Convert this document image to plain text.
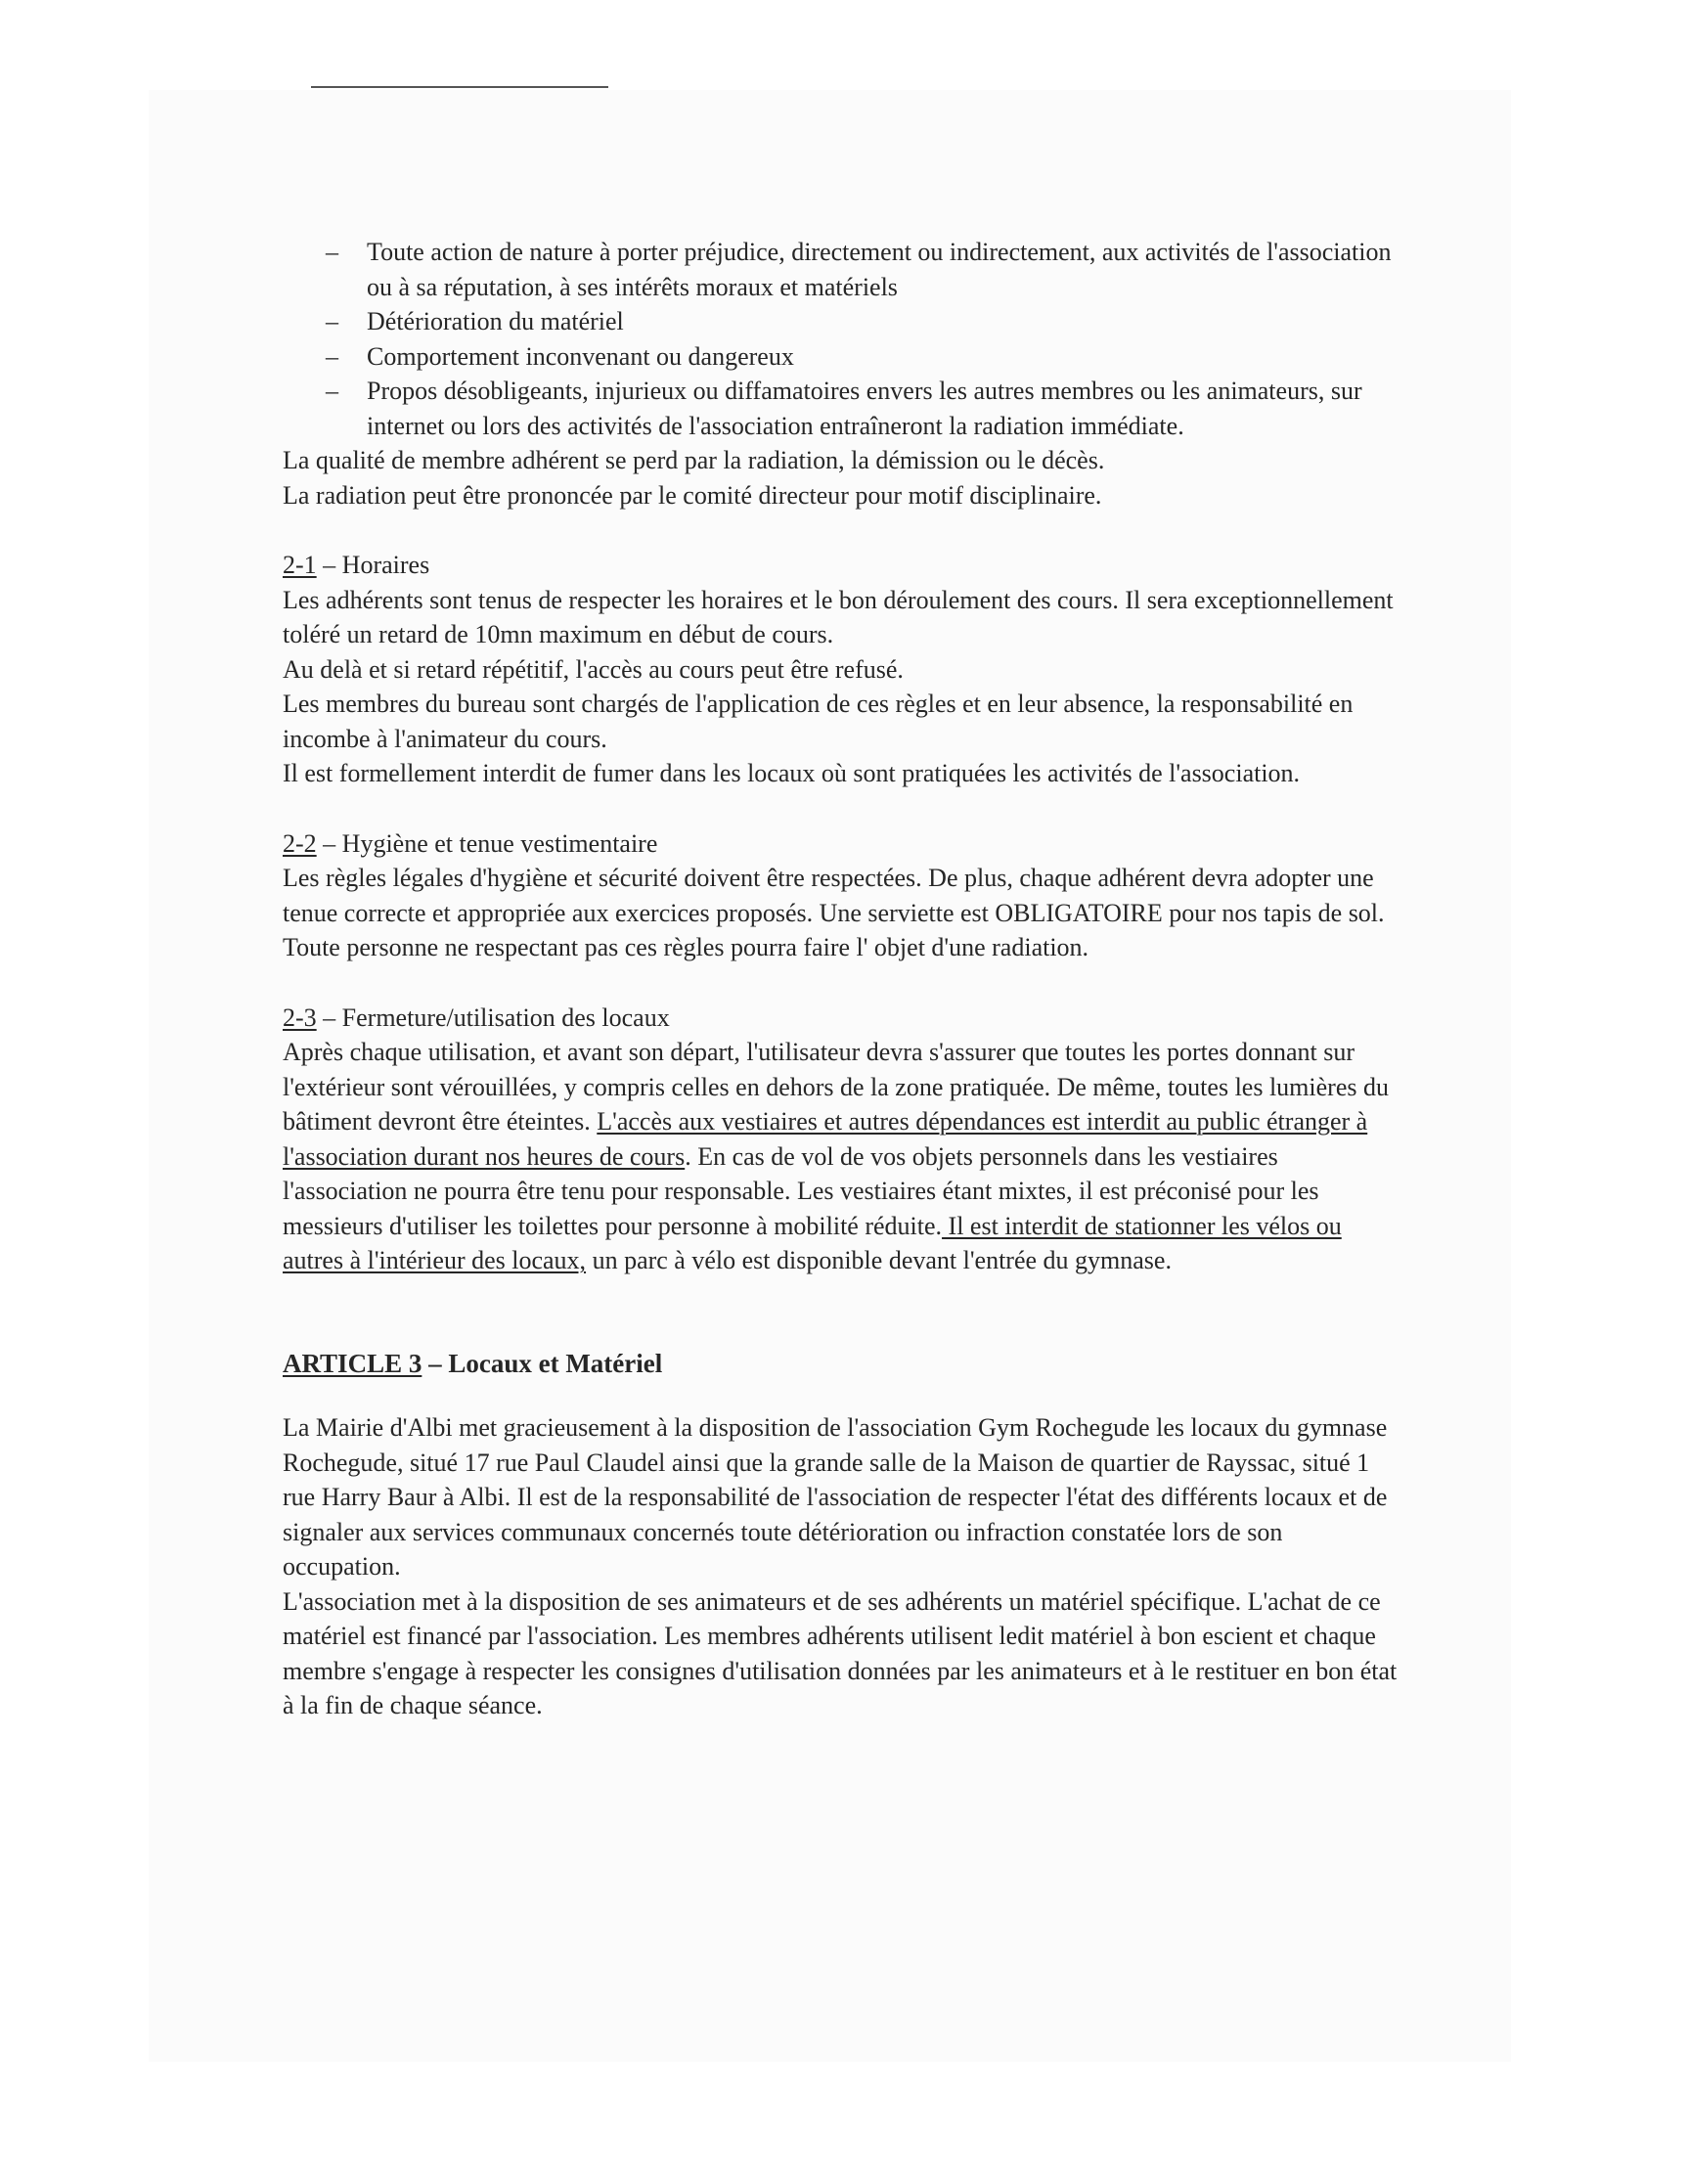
– Toute action de nature à porter préjudice, directement ou indirectement, aux activités de l'association ou à sa réputation, à ses intérêts moraux et matériels
– Détérioration du matériel
– Comportement inconvenant ou dangereux
– Propos désobligeants, injurieux ou diffamatoires envers les autres membres ou les animateurs, sur internet ou lors des activités de l'association entraîneront la radiation immédiate.
La qualité de membre adhérent se perd par la radiation, la démission ou le décès.
La radiation peut être prononcée par le comité directeur pour motif disciplinaire.
2-1 – Horaires

Les adhérents sont tenus de respecter les horaires et le bon déroulement des cours. Il sera exceptionnellement toléré un retard de 10mn maximum en début de cours.

Au delà et si retard répétitif, l'accès au cours peut être refusé.

Les membres du bureau sont chargés de l'application de ces règles et en leur absence, la responsabilité en incombe à l'animateur du cours.

Il est formellement interdit de fumer dans les locaux où sont pratiquées les activités de l'association.

2-2 – Hygiène et tenue vestimentaire

Les règles légales d'hygiène et sécurité doivent être respectées. De plus, chaque adhérent devra adopter une tenue correcte et appropriée aux exercices proposés. Une serviette est OBLIGATOIRE pour nos tapis de sol. Toute personne ne respectant pas ces règles pourra faire l' objet d'une radiation.

2-3 – Fermeture/utilisation des locaux

Après chaque utilisation, et avant son départ, l'utilisateur devra s'assurer que toutes les portes donnant sur l'extérieur sont vérouillées, y compris celles en dehors de la zone pratiquée. De même, toutes les lumières du bâtiment devront être éteintes. L'accès aux vestiaires et autres dépendances est interdit au public étranger à l'association durant nos heures de cours. En cas de vol de vos objets personnels dans les vestiaires l'association ne pourra être tenu pour responsable. Les vestiaires étant mixtes, il est préconisé pour les messieurs d'utiliser les toilettes pour personne à mobilité réduite. Il est interdit de stationner les vélos ou autres à l'intérieur des locaux, un parc à vélo est disponible devant l'entrée du gymnase.

ARTICLE 3 – Locaux et Matériel

La Mairie d'Albi met gracieusement à la disposition de l'association Gym Rochegude les locaux du gymnase Rochegude, situé 17 rue Paul Claudel ainsi que la grande salle de la Maison de quartier de Rayssac, situé 1 rue Harry Baur à Albi. Il est de la responsabilité de l'association de respecter l'état des différents locaux et de signaler aux services communaux concernés toute détérioration ou infraction constatée lors de son occupation.

L'association met à la disposition de ses animateurs et de ses adhérents un matériel spécifique. L'achat de ce matériel est financé par l'association. Les membres adhérents utilisent ledit matériel à bon escient et chaque membre s'engage à respecter les consignes d'utilisation données par les animateurs et à le restituer en bon état à la fin de chaque séance.
